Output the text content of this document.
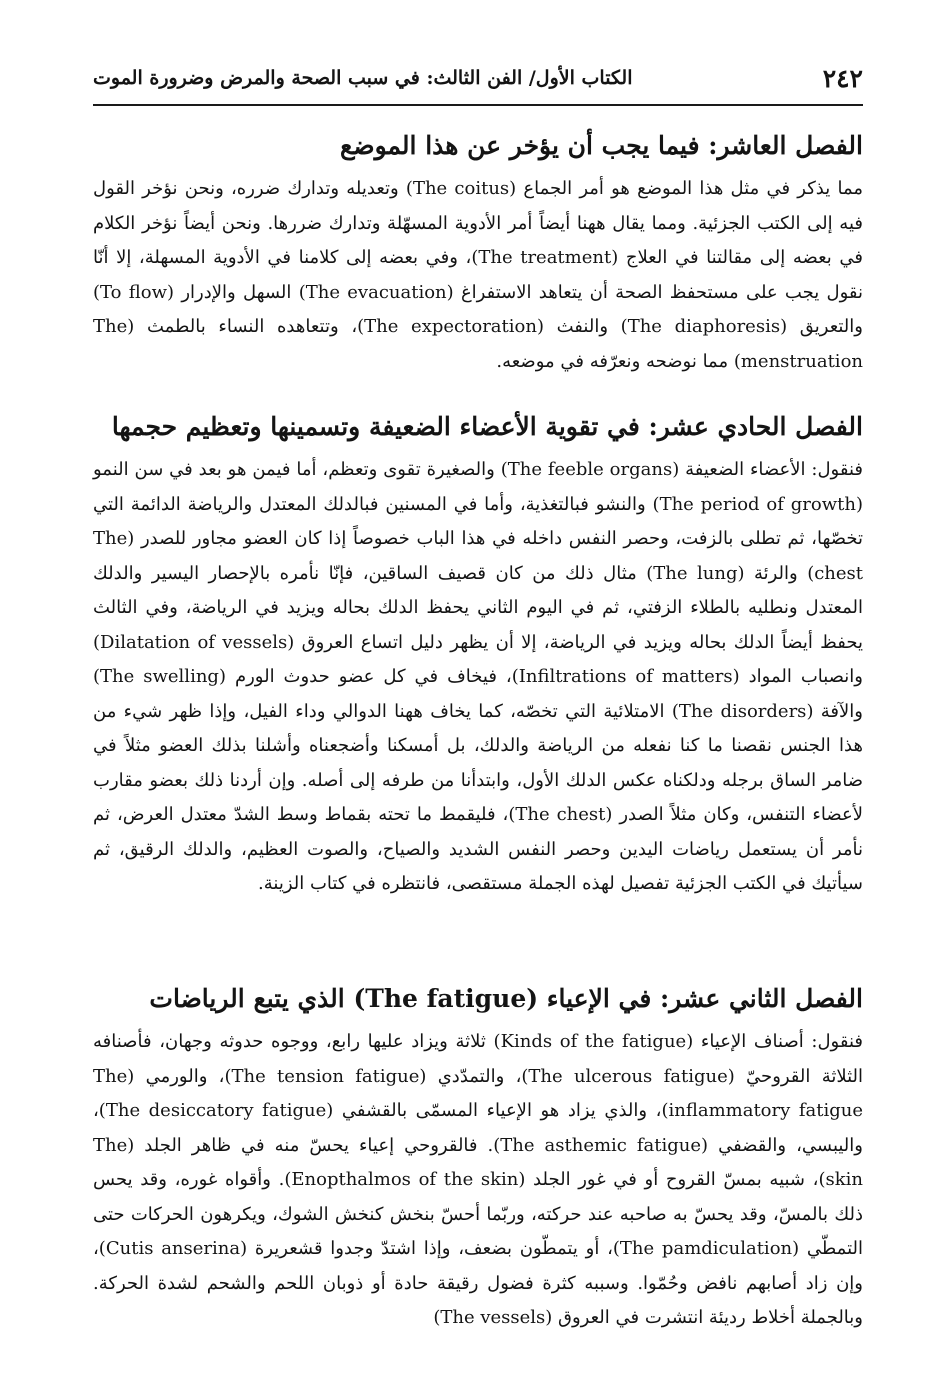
٢٤٢
الكتاب الأول/ الفن الثالث: في سبب الصحة والمرض وضرورة الموت
الفصل العاشر: فيما يجب أن يؤخر عن هذا الموضع

مما يذكر في مثل هذا الموضع هو أمر الجماع (The coitus) وتعديله وتدارك ضرره، ونحن نؤخر القول فيه إلى الكتب الجزئية. ومما يقال ههنا أيضاً أمر الأدوية المسهّلة وتدارك ضررها. ونحن أيضاً نؤخر الكلام في بعضه إلى مقالتنا في العلاج (The treatment)، وفي بعضه إلى كلامنا في الأدوية المسهلة، إلا أنّا نقول يجب على مستحفظ الصحة أن يتعاهد الاستفراغ (The evacuation) السهل والإدرار (To flow) والتعريق (The diaphoresis) والنفث (The expectoration)، وتتعاهده النساء بالطمث (The menstruation) مما نوضحه ونعرّفه في موضعه.

الفصل الحادي عشر: في تقوية الأعضاء الضعيفة وتسمينها وتعظيم حجمها

فنقول: الأعضاء الضعيفة (The feeble organs) والصغيرة تقوى وتعظم، أما فيمن هو بعد في سن النمو (The period of growth) والنشو فبالتغذية، وأما في المسنين فبالدلك المعتدل والرياضة الدائمة التي تخصّها، ثم تطلى بالزفت، وحصر النفس داخله في هذا الباب خصوصاً إذا كان العضو مجاور للصدر (The chest) والرئة (The lung) مثال ذلك من كان قصيف الساقين، فإنّا نأمره بالإحصار اليسير والدلك المعتدل ونطليه بالطلاء الزفتي، ثم في اليوم الثاني يحفظ الدلك بحاله ويزيد في الرياضة، وفي الثالث يحفظ أيضاً الدلك بحاله ويزيد في الرياضة، إلا أن يظهر دليل اتساع العروق (Dilatation of vessels) وانصباب المواد (Infiltrations of matters)، فيخاف في كل عضو حدوث الورم (The swelling) والآفة (The disorders) الامتلائية التي تخصّه، كما يخاف ههنا الدوالي وداء الفيل، وإذا ظهر شيء من هذا الجنس نقصنا ما كنا نفعله من الرياضة والدلك، بل أمسكنا وأضجعناه وأشلنا بذلك العضو مثلاً في ضامر الساق برجله ودلكناه عكس الدلك الأول، وابتدأنا من طرفه إلى أصله. وإن أردنا ذلك بعضو مقارب لأعضاء التنفس، وكان مثلاً الصدر (The chest)، فليقمط ما تحته بقماط وسط الشدّ معتدل العرض، ثم نأمر أن يستعمل رياضات اليدين وحصر النفس الشديد والصياح، والصوت العظيم، والدلك الرقيق، ثم سيأتيك في الكتب الجزئية تفصيل لهذه الجملة مستقصى، فانتظره في كتاب الزينة.

الفصل الثاني عشر: في الإعياء (The fatigue) الذي يتبع الرياضات

فنقول: أصناف الإعياء (Kinds of the fatigue) ثلاثة ويزاد عليها رابع، ووجوه حدوثه وجهان، فأصنافه الثلاثة القروحيّ (The ulcerous fatigue)، والتمدّدي (The tension fatigue)، والورمي (The inflammatory fatigue)، والذي يزاد هو الإعياء المسمّى بالقشفي (The desiccatory fatigue)، واليبسي، والقضفي (The asthemic fatigue). فالقروحي إعياء يحسّ منه في ظاهر الجلد (The skin)، شبيه بمسّ القروح أو في غور الجلد (Enopthalmos of the skin). وأقواه غوره، وقد يحس ذلك بالمسّ، وقد يحسّ به صاحبه عند حركته، وربّما أحسّ بنخش كنخش الشوك، ويكرهون الحركات حتى التمطّي (The pamdiculation)، أو يتمطّون بضعف، وإذا اشتدّ وجدوا قشعريرة (Cutis anserina)، وإن زاد أصابهم نافض وحُمّوا. وسببه كثرة فضول رقيقة حادة أو ذوبان اللحم والشحم لشدة الحركة. وبالجملة أخلاط رديئة انتشرت في العروق (The vessels)
